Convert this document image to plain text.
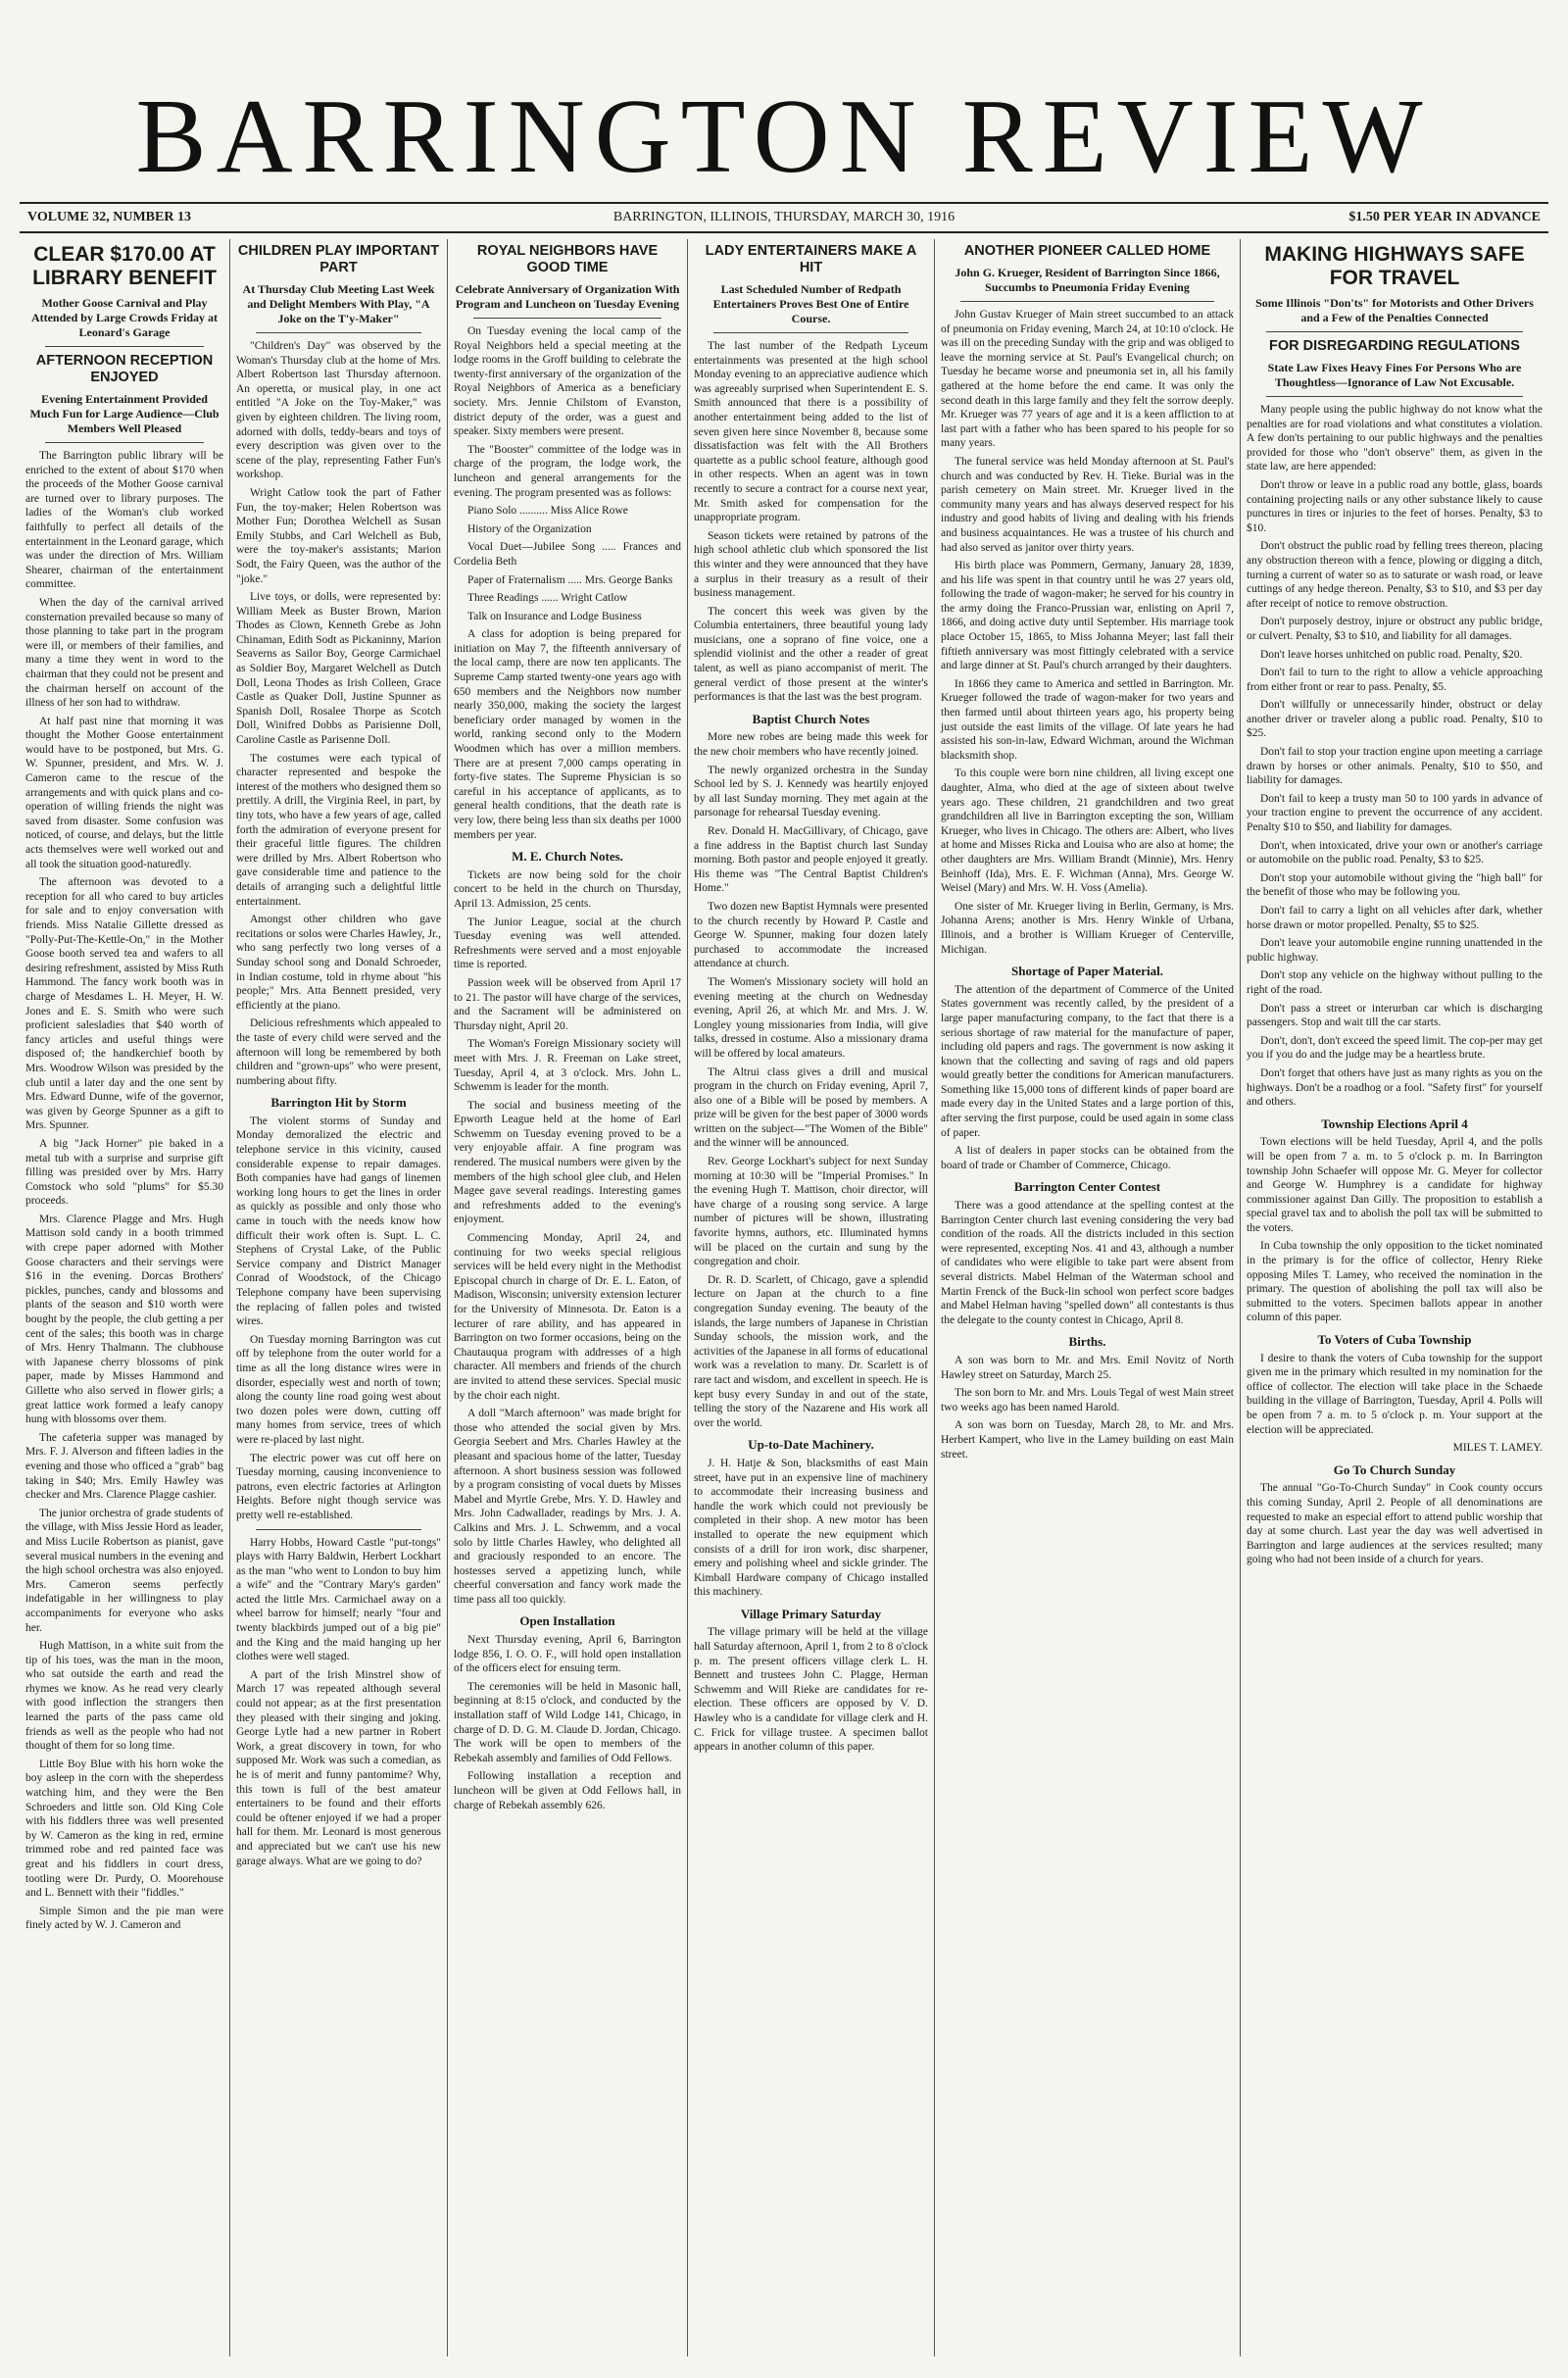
BARRINGTON REVIEW
VOLUME 32, NUMBER 13	BARRINGTON, ILLINOIS, THURSDAY, MARCH 30, 1916	$1.50 PER YEAR IN ADVANCE
CLEAR $170.00 AT LIBRARY BENEFIT
Mother Goose Carnival and Play Attended by Large Crowds Friday at Leonard's Garage
AFTERNOON RECEPTION ENJOYED
Evening Entertainment Provided Much Fun for Large Audience—Club Members Well Pleased

The Barrington public library will be enriched to the extent of about $170 when the proceeds of the Mother Goose carnival are turned over to library purposes. The ladies of the Woman's club worked faithfully to perfect all details of the entertainment in the Leonard garage, which was under the direction of Mrs. William Shearer, chairman of the entertainment committee.

When the day of the carnival arrived consternation prevailed because so many of those planning to take part in the program were ill, or members of their families, and many a time they went in word to the chairman that they could not be present and the chairman herself on account of the illness of her son had to withdraw.

At half past nine that morning it was thought the Mother Goose entertainment would have to be postponed, but Mrs. G. W. Spunner, president, and Mrs. W. J. Cameron came to the rescue of the arrangements and with quick plans and co-operation of willing friends the night was saved from disaster. Some confusion was noticed, of course, and delays, but the little acts themselves were well worked out and all took the situation good-naturedly.

The afternoon was devoted to a reception for all who cared to buy articles for sale and to enjoy conversation with friends. Miss Natalie Gillette dressed as "Polly-Put-The-Kettle-On," in the Mother Goose booth served tea and wafers to all desiring refreshment, assisted by Miss Ruth Hammond. The fancy work booth was in charge of Mesdames L. H. Meyer, H. W. Jones and E. S. Smith who were such proficient salesladies that $40 worth of fancy articles and useful things were disposed of; the handkerchief booth by Mrs. Woodrow Wilson was presided by the club until a later day and the one sent by Mrs. Edward Dunne, wife of the governor, was given by George Spunner as a gift to Mrs. Spunner.

A big "Jack Horner" pie baked in a metal tub with a surprise and surprise gift filling was presided over by Mrs. Harry Comstock who sold "plums" for $5.30 proceeds.

Mrs. Clarence Plagge and Mrs. Hugh Mattison sold candy in a booth trimmed with crepe paper adorned with Mother Goose characters and their servings were $16 in the evening. Dorcas Brothers' pickles, punches, candy and blossoms and plants of the season and $10 worth were bought by the people, the club getting a per cent of the sales; this booth was in charge of Mrs. Henry Thalmann. The clubhouse with Japanese cherry blossoms of pink paper, made by Misses Hammond and Gillette who also served in flower girls; a great lattice work formed a leafy canopy hung with blossoms over them.

The cafeteria supper was managed by Mrs. F. J. Alverson and fifteen ladies in the evening and those who officed a "grab" bag taking in $40; Mrs. Emily Hawley was checker and Mrs. Clarence Plagge cashier.

The junior orchestra of grade students of the village, with Miss Jessie Hord as leader, and Miss Lucile Robertson as pianist, gave several musical numbers in the evening and the high school orchestra was also enjoyed. Mrs. Cameron seems perfectly indefatigable in her willingness to play accompaniments for everyone who asks her.

Hugh Mattison, in a white suit from the tip of his toes, was the man in the moon, who sat outside the earth and read the rhymes we know. As he read very clearly with good inflection the strangers then learned the parts of the pass came old friends as well as the people who had not thought of them for so long time.

Little Boy Blue with his horn woke the boy asleep in the corn with the sheperdess watching him, and they were the Ben Schroeders and little son. Old King Cole with his fiddlers three was well presented by W. Cameron as the king in red, ermine trimmed robe and red painted face was great and his fiddlers in court dress, tootling were Dr. Purdy, O. Moorehouse and L. Bennett with their "fiddles."

Simple Simon and the pie man were finely acted by W. J. Cameron and

CHILDREN PLAY IMPORTANT PART
At Thursday Club Meeting Last Week and Delight Members With Play, "A Joke on the T'y-Maker"

"Children's Day" was observed by the Woman's Thursday club at the home of Mrs. Albert Robertson last Thursday afternoon. An operetta, or musical play, in one act entitled "A Joke on the Toy-Maker," was given by eighteen children. The living room, adorned with dolls, teddy-bears and toys of every description was given over to the scene of the play, representing Father Fun's workshop.

Wright Catlow took the part of Father Fun, the toy-maker; Helen Robertson was Mother Fun; Dorothea Welchell as Susan Emily Stubbs, and Carl Welchell as Bub, were the toy-maker's assistants; Marion Sodt, the Fairy Queen, was the author of the "joke."

Live toys, or dolls, were represented by: William Meek as Buster Brown, Marion Thodes as Clown, Kenneth Grebe as John Chinaman, Edith Sodt as Pickaninny, Marion Seaverns as Sailor Boy, George Carmichael as Soldier Boy, Margaret Welchell as Dutch Doll, Leona Thodes as Irish Colleen, Grace Castle as Quaker Doll, Justine Spunner as Spanish Doll, Rosalee Thorpe as Scotch Doll, Winifred Dobbs as Parisienne Doll, Caroline Castle as Parisenne Doll.

The costumes were each typical of character represented and bespoke the interest of the mothers who designed them so prettily. A drill, the Virginia Reel, in part, by tiny tots, who have a few years of age, called forth the admiration of everyone present for their graceful little figures. The children were drilled by Mrs. Albert Robertson who gave considerable time and patience to the details of arranging such a delightful little entertainment.

Amongst other children who gave recitations or solos were Charles Hawley, Jr., who sang perfectly two long verses of a Sunday school song and Donald Schroeder, in Indian costume, told in rhyme about "his people;" Mrs. Atta Bennett presided, very efficiently at the piano.

Delicious refreshments which appealed to the taste of every child were served and the afternoon will long be remembered by both children and "grown-ups" who were present, numbering about fifty.

Barrington Hit by Storm

The violent storms of Sunday and Monday demoralized the electric and telephone service in this vicinity, caused considerable expense to repair damages. Both companies have had gangs of linemen working long hours to get the lines in order as quickly as possible and only those who came in touch with the needs know how difficult their work often is. Supt. L. C. Stephens of Crystal Lake, of the Public Service company and District Manager Conrad of Woodstock, of the Chicago Telephone company have been supervising the replacing of fallen poles and twisted wires.

On Tuesday morning Barrington was cut off by telephone from the outer world for a time as all the long distance wires were in disorder, especially west and north of town; along the county line road going west about two dozen poles were down, cutting off many homes from service, trees of which were re-placed by last night.

The electric power was cut off here on Tuesday morning, causing inconvenience to patrons, even electric factories at Arlington Heights. Before night though service was pretty well re-established.

Harry Hobbs, Howard Castle "put-tongs" plays with Harry Baldwin, Herbert Lockhart as the man "who went to London to buy him a wife" and the "Contrary Mary's garden" acted the little Mrs. Carmichael away on a wheel barrow for himself; nearly "four and twenty blackbirds jumped out of a big pie" and the King and the maid hanging up her clothes were well staged.

A part of the Irish Minstrel show of March 17 was repeated although several could not appear; as at the first presentation they pleased with their singing and joking. George Lytle had a new partner in Robert Work, a great discovery in town, for who supposed Mr. Work was such a comedian, as he is of merit and funny pantomime? Why, this town is full of the best amateur entertainers to be found and their efforts could be oftener enjoyed if we had a proper hall for them. Mr. Leonard is most generous and appreciated but we can't use his new garage always. What are we going to do?

ROYAL NEIGHBORS HAVE GOOD TIME
Celebrate Anniversary of Organization With Program and Luncheon on Tuesday Evening

On Tuesday evening the local camp of the Royal Neighbors held a special meeting at the lodge rooms in the Groff building to celebrate the twenty-first anniversary of the organization of the Royal Neighbors of America as a beneficiary society. Mrs. Jennie Chilstom of Evanston, district deputy of the order, was a guest and speaker. Sixty members were present.

The "Booster" committee of the lodge was in charge of the program, the lodge work, the luncheon and general arrangements for the evening. The program presented was as follows:

Piano Solo .......... Miss Alice Rowe

History of the Organization

Vocal Duet—Jubilee Song ..... Frances and Cordelia Beth

Paper of Fraternalism ..... Mrs. George Banks

Three Readings ...... Wright Catlow

Talk on Insurance and Lodge Business

A class for adoption is being prepared for initiation on May 7, the fifteenth anniversary of the local camp, there are now ten applicants. The Supreme Camp started twenty-one years ago with 650 members and the Neighbors now number nearly 350,000, making the society the largest beneficiary order managed by women in the world, ranking second only to the Modern Woodmen which has over a million members. There are at present 7,000 camps operating in forty-five states. The Supreme Physician is so careful in his acceptance of applicants, as to general health conditions, that the death rate is very low, there being less than six deaths per 1000 members per year.

M. E. Church Notes.

Tickets are now being sold for the choir concert to be held in the church on Thursday, April 13. Admission, 25 cents.

The Junior League, social at the church Tuesday evening was well attended. Refreshments were served and a most enjoyable time is reported.

Passion week will be observed from April 17 to 21. The pastor will have charge of the services, and the Sacrament will be administered on Thursday night, April 20.

The Woman's Foreign Missionary society will meet with Mrs. J. R. Freeman on Lake street, Tuesday, April 4, at 3 o'clock. Mrs. John L. Schwemm is leader for the month.

The social and business meeting of the Epworth League held at the home of Earl Schwemm on Tuesday evening proved to be a very enjoyable affair. A fine program was rendered. The musical numbers were given by the members of the high school glee club, and Helen Magee gave several readings. Interesting games and refreshments added to the evening's enjoyment.

Commencing Monday, April 24, and continuing for two weeks special religious services will be held every night in the Methodist Episcopal church in charge of Dr. E. L. Eaton, of Madison, Wisconsin; university extension lecturer for the University of Minnesota. Dr. Eaton is a lecturer of rare ability, and has appeared in Barrington on two former occasions, being on the Chautauqua program with addresses of a high character. All members and friends of the church are invited to attend these services. Special music by the choir each night.

A doll "March afternoon" was made bright for those who attended the social given by Mrs. Georgia Seebert and Mrs. Charles Hawley at the pleasant and spacious home of the latter, Tuesday afternoon. A short business session was followed by a program consisting of vocal duets by Misses Mabel and Myrtle Grebe, Mrs. Y. D. Hawley and Mrs. John Cadwallader, readings by Mrs. J. A. Calkins and Mrs. J. L. Schwemm, and a vocal solo by little Charles Hawley, who delighted all and graciously responded to an encore. The hostesses served a appetizing lunch, while cheerful conversation and fancy work made the time pass all too quickly.

Open Installation

Next Thursday evening, April 6, Barrington lodge 856, I. O. O. F., will hold open installation of the officers elect for ensuing term.

The ceremonies will be held in Masonic hall, beginning at 8:15 o'clock, and conducted by the installation staff of Wild Lodge 141, Chicago, in charge of D. D. G. M. Claude D. Jordan, Chicago. The work will be open to members of the Rebekah assembly and families of Odd Fellows.

Following installation a reception and luncheon will be given at Odd Fellows hall, in charge of Rebekah assembly 626.

LADY ENTERTAINERS MAKE A HIT
Last Scheduled Number of Redpath Entertainers Proves Best One of Entire Course.

The last number of the Redpath Lyceum entertainments was presented at the high school Monday evening to an appreciative audience which was agreeably surprised when Superintendent E. S. Smith announced that there is a possibility of another entertainment being added to the list of seven given here since November 8, because some dissatisfaction was felt with the All Brothers quartette as a public school feature, although good in other respects. When an agent was in town recently to secure a contract for a course next year, Mr. Smith asked for compensation for the unappropriate program.

Season tickets were retained by patrons of the high school athletic club which sponsored the list this winter and they were announced that they have a surplus in their treasury as a result of their business management.

The concert this week was given by the Columbia entertainers, three beautiful young lady musicians, one a soprano of fine voice, one a splendid violinist and the other a reader of great talent, as well as piano accompanist of merit. The general verdict of those present at the winter's performances is that the last was the best program.

Baptist Church Notes

More new robes are being made this week for the new choir members who have recently joined.

The newly organized orchestra in the Sunday School led by S. J. Kennedy was heartily enjoyed by all last Sunday morning. They met again at the parsonage for rehearsal Tuesday evening.

Rev. Donald H. MacGillivary, of Chicago, gave a fine address in the Baptist church last Sunday morning. Both pastor and people enjoyed it greatly. His theme was "The Central Baptist Children's Home."

Two dozen new Baptist Hymnals were presented to the church recently by Howard P. Castle and George W. Spunner, making four dozen lately purchased to accommodate the increased attendance at church.

The Women's Missionary society will hold an evening meeting at the church on Wednesday evening, April 26, at which Mr. and Mrs. J. W. Longley young missionaries from India, will give talks, dressed in costume. Also a missionary drama will be offered by local amateurs.

The Altrui class gives a drill and musical program in the church on Friday evening, April 7, also one of a Bible will be posed by members. A prize will be given for the best paper of 3000 words written on the subject—"The Women of the Bible" and the winner will be announced.

Rev. George Lockhart's subject for next Sunday morning at 10:30 will be "Imperial Promises." In the evening Hugh T. Mattison, choir director, will have charge of a rousing song service. A large number of pictures will be shown, illustrating favorite hymns, authors, etc. Illuminated hymns will be placed on the curtain and sung by the congregation and choir.

Dr. R. D. Scarlett, of Chicago, gave a splendid lecture on Japan at the church to a fine congregation Sunday evening. The beauty of the islands, the large numbers of Japanese in Christian Sunday schools, the mission work, and the activities of the Japanese in all forms of educational work was a revelation to many. Dr. Scarlett is of rare tact and wisdom, and excellent in speech. He is kept busy every Sunday in and out of the state, telling the story of the Nazarene and His work all over the world.

Up-to-Date Machinery.

J. H. Hatje & Son, blacksmiths of east Main street, have put in an expensive line of machinery to accommodate their increasing business and handle the work which could not previously be completed in their shop. A new motor has been installed to operate the new equipment which consists of a drill for iron work, disc sharpener, emery and polishing wheel and sickle grinder. The Kimball Hardware company of Chicago installed this machinery.

Village Primary Saturday

The village primary will be held at the village hall Saturday afternoon, April 1, from 2 to 8 o'clock p. m. The present officers village clerk L. H. Bennett and trustees John C. Plagge, Herman Schwemm and Will Rieke are candidates for re-election. These officers are opposed by V. D. Hawley who is a candidate for village clerk and H. C. Frick for village trustee. A specimen ballot appears in another column of this paper.

ANOTHER PIONEER CALLED HOME
John G. Krueger, Resident of Barrington Since 1866, Succumbs to Pneumonia Friday Evening

John Gustav Krueger of Main street succumbed to an attack of pneumonia on Friday evening, March 24, at 10:10 o'clock. He was ill on the preceding Sunday with the grip and was obliged to leave the morning service at St. Paul's Evangelical church; on Tuesday he became worse and pneumonia set in, all his family gathered at the home before the end came. It was only the second death in this large family and they felt the sorrow deeply. Mr. Krueger was 77 years of age and it is a keen affliction to at last part with a father who has been spared to his people for so many years.

The funeral service was held Monday afternoon at St. Paul's church and was conducted by Rev. H. Tieke. Burial was in the parish cemetery on Main street. Mr. Krueger lived in the community many years and has always deserved respect for his industry and good habits of living and dealing with his friends and business acquaintances. He was a trustee of his church and had also served as janitor over thirty years.

His birth place was Pommern, Germany, January 28, 1839, and his life was spent in that country until he was 27 years old, following the trade of wagon-maker; he served for his country in the army doing the Franco-Prussian war, enlisting on April 7, 1866, and doing active duty until September. His marriage took place October 15, 1865, to Miss Johanna Meyer; last fall their fiftieth anniversary was most fittingly celebrated with a service and large dinner at St. Paul's church arranged by their daughters.

In 1866 they came to America and settled in Barrington. Mr. Krueger followed the trade of wagon-maker for two years and then farmed until about thirteen years ago, his property being just outside the east limits of the village. Of late years he had assisted his son-in-law, Edward Wichman, around the Wichman blacksmith shop.

To this couple were born nine children, all living except one daughter, Alma, who died at the age of sixteen about twelve years ago. These children, 21 grandchildren and two great grandchildren all live in Barrington excepting the son, William Krueger, who lives in Chicago. The others are: Albert, who lives at home and Misses Ricka and Louisa who are also at home; the other daughters are Mrs. William Brandt (Minnie), Mrs. Henry Beinhoff (Ida), Mrs. E. F. Wichman (Anna), Mrs. George W. Weisel (Mary) and Mrs. W. H. Voss (Amelia).

One sister of Mr. Krueger living in Berlin, Germany, is Mrs. Johanna Arens; another is Mrs. Henry Winkle of Urbana, Illinois, and a brother is William Krueger of Centerville, Michigan.

Shortage of Paper Material.

The attention of the department of Commerce of the United States government was recently called, by the president of a large paper manufacturing company, to the fact that there is a serious shortage of raw material for the manufacture of paper, including old papers and rags. The government is now asking it known that the collecting and saving of rags and old papers would greatly better the conditions for American manufacturers. Something like 15,000 tons of different kinds of paper board are made every day in the United States and a large portion of this, after serving the first purpose, could be used again in some class of paper.

A list of dealers in paper stocks can be obtained from the board of trade or Chamber of Commerce, Chicago.

Barrington Center Contest

There was a good attendance at the spelling contest at the Barrington Center church last evening considering the very bad condition of the roads. All the districts included in this section were represented, excepting Nos. 41 and 43, although a number of candidates who were eligible to take part were absent from several districts. Mabel Helman of the Waterman school and Martin Frenck of the Buck-lin school won perfect score badges and Mabel Helman having "spelled down" all contestants is thus the delegate to the county contest in Chicago, April 8.

Births.

A son was born to Mr. and Mrs. Emil Novitz of North Hawley street on Saturday, March 25.

The son born to Mr. and Mrs. Louis Tegal of west Main street two weeks ago has been named Harold.

A son was born on Tuesday, March 28, to Mr. and Mrs. Herbert Kampert, who live in the Lamey building on east Main street.

MAKING HIGHWAYS SAFE FOR TRAVEL
Some Illinois "Don'ts" for Motorists and Other Drivers and a Few of the Penalties Connected
FOR DISREGARDING REGULATIONS
State Law Fixes Heavy Fines For Persons Who are Thoughtless—Ignorance of Law Not Excusable.

Many people using the public highway do not know what the penalties are for road violations and what constitutes a violation. A few don'ts pertaining to our public highways and the penalties provided for those who "don't observe" them, as given in the state law, are here appended:

Don't throw or leave in a public road any bottle, glass, boards containing projecting nails or any other substance likely to cause punctures in tires or injuries to the feet of horses. Penalty, $3 to $10.

Don't obstruct the public road by felling trees thereon, placing any obstruction thereon with a fence, plowing or digging a ditch, turning a current of water so as to saturate or wash road, or leave cuttings of any hedge thereon. Penalty, $3 to $10, and $3 per day after receipt of notice to remove obstruction.

Don't purposely destroy, injure or obstruct any public bridge, or culvert. Penalty, $3 to $10, and liability for all damages.

Don't leave horses unhitched on public road. Penalty, $20.

Don't fail to turn to the right to allow a vehicle approaching from either front or rear to pass. Penalty, $5.

Don't willfully or unnecessarily hinder, obstruct or delay another driver or traveler along a public road. Penalty, $10 to $25.

Don't fail to stop your traction engine upon meeting a carriage drawn by horses or other animals. Penalty, $10 to $50, and liability for damages.

Don't fail to keep a trusty man 50 to 100 yards in advance of your traction engine to prevent the occurrence of any accident. Penalty $10 to $50, and liability for damages.

Don't, when intoxicated, drive your own or another's carriage or automobile on the public road. Penalty, $3 to $25.

Don't stop your automobile without giving the "high ball" for the benefit of those who may be following you.

Don't fail to carry a light on all vehicles after dark, whether horse drawn or motor propelled. Penalty, $5 to $25.

Don't leave your automobile engine running unattended in the public highway.

Don't stop any vehicle on the highway without pulling to the right of the road.

Don't pass a street or interurban car which is discharging passengers. Stop and wait till the car starts.

Don't, don't, don't exceed the speed limit. The cop-per may get you if you do and the judge may be a heartless brute.

Don't forget that others have just as many rights as you on the highways. Don't be a roadhog or a fool. "Safety first" for yourself and others.

Township Elections April 4

Town elections will be held Tuesday, April 4, and the polls will be open from 7 a. m. to 5 o'clock p. m. In Barrington township John Schaefer will oppose Mr. G. Meyer for collector and George W. Humphrey is a candidate for highway commissioner against Dan Gilly. The proposition to establish a special gravel tax and to abolish the poll tax will be submitted to the voters.

In Cuba township the only opposition to the ticket nominated in the primary is for the office of collector, Henry Rieke opposing Miles T. Lamey, who received the nomination in the primary. The question of abolishing the poll tax will also be submitted to the voters. Specimen ballots appear in another column of this paper.

To Voters of Cuba Township

I desire to thank the voters of Cuba township for the support given me in the primary which resulted in my nomination for the office of collector. The election will take place in the Schaede building in the village of Barrington, Tuesday, April 4. Polls will be open from 7 a. m. to 5 o'clock p. m. Your support at the election will be appreciated.

MILES T. LAMEY.

Go To Church Sunday

The annual "Go-To-Church Sunday" in Cook county occurs this coming Sunday, April 2. People of all denominations are requested to make an especial effort to attend public worship that day at some church. Last year the day was well advertised in Barrington and large audiences at the services resulted; many going who had not been inside of a church for years.
